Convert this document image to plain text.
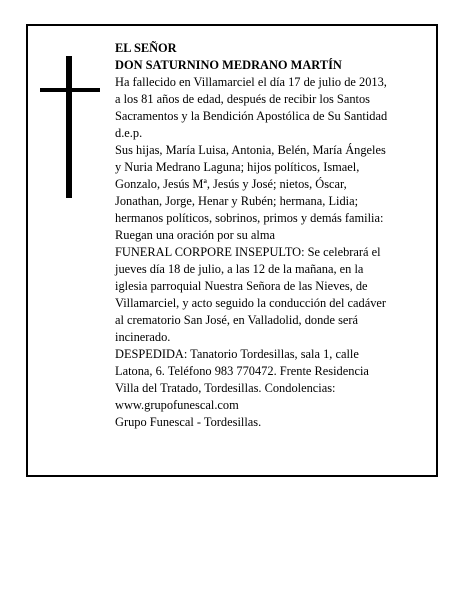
EL SEÑOR

DON SATURNINO MEDRANO MARTÍN

Ha fallecido en Villamarciel el día 17 de julio de 2013,
a los 81 años de edad, después de recibir los Santos
Sacramentos y la Bendición Apostólica de Su Santidad
d.e.p.

Sus hijas, María Luisa, Antonia, Belén, María Ángeles
y Nuria Medrano Laguna; hijos políticos, Ismael,
Gonzalo, Jesús Mª, Jesús y José; nietos, Óscar,
Jonathan, Jorge, Henar y Rubén; hermana, Lidia;
hermanos políticos, sobrinos, primos y demás familia:
Ruegan una oración por su alma

FUNERAL CORPORE INSEPULTO: Se celebrará el
jueves día 18 de julio, a las 12 de la mañana, en la
iglesia parroquial Nuestra Señora de las Nieves, de
Villamarciel, y acto seguido la conducción del cadáver
al crematorio San José, en Valladolid, donde será
incinerado.

DESPEDIDA: Tanatorio Tordesillas, sala 1, calle
Latona, 6. Teléfono 983 770472. Frente Residencia
Villa del Tratado, Tordesillas. Condolencias:
www.grupofunescal.com

Grupo Funescal - Tordesillas.
